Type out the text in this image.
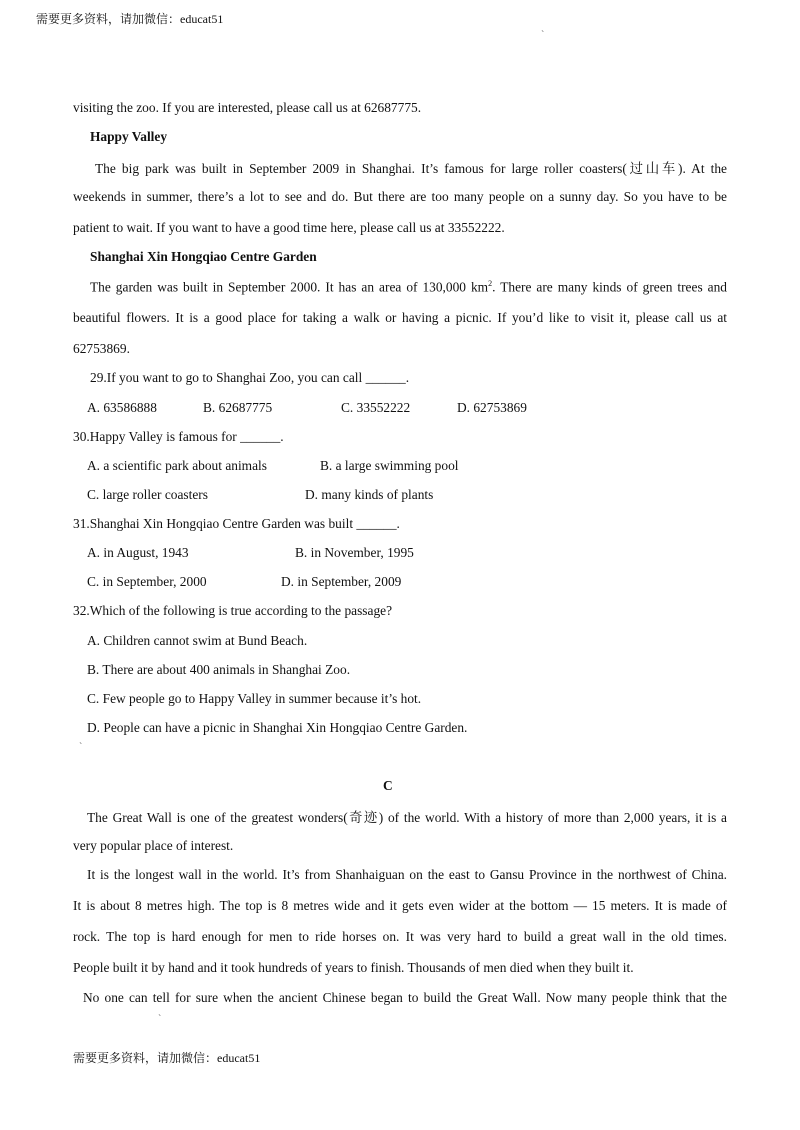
需要更多资料，请加微信：educat51
`
visiting the zoo. If you are interested, please call us at 62687775.
Happy Valley
The big park was built in September 2009 in Shanghai. It’s famous for large roller coasters(过山车). At the
weekends in summer, there’s a lot to see and do. But there are too many people on a sunny day. So you have to be
patient to wait. If you want to have a good time here, please call us at 33552222.
Shanghai Xin Hongqiao Centre Garden
The garden was built in September 2000. It has an area of 130,000 $km^2$. There are many kinds of green trees and
beautiful flowers. It is a good place for taking a walk or having a picnic. If you’d like to visit it, please call us at
62753869.
29.If you want to go to Shanghai Zoo, you can call ______.
A. 63586888	B. 62687775	C. 33552222	D. 62753869
30.Happy Valley is famous for ______.
A. a scientific park about animals	B. a large swimming pool
C. large roller coasters	D. many kinds of plants
31.Shanghai Xin Hongqiao Centre Garden was built ______.
A. in August, 1943	B. in November, 1995
C. in September, 2000	D. in September, 2009
32.Which of the following is true according to the passage?
A. Children cannot swim at Bund Beach.
B. There are about 400 animals in Shanghai Zoo.
C. Few people go to Happy Valley in summer because it’s hot.
D. People can have a picnic in Shanghai Xin Hongqiao Centre Garden.
`
C
The Great Wall is one of the greatest wonders(奇迹) of the world. With a history of more than 2,000 years, it is a
very popular place of interest.
It is the longest wall in the world. It’s from Shanhaiguan on the east to Gansu Province in the northwest of China.
It is about 8 metres high. The top is 8 metres wide and it gets even wider at the bottom — 15 meters. It is made of
rock. The top is hard enough for men to ride horses on. It was very hard to build a great wall in the old times.
People built it by hand and it took hundreds of years to finish. Thousands of men died when they built it.
No one can tell for sure when the ancient Chinese began to build the Great Wall. Now many people think that the
`
需要更多资料，请加微信：educat51
